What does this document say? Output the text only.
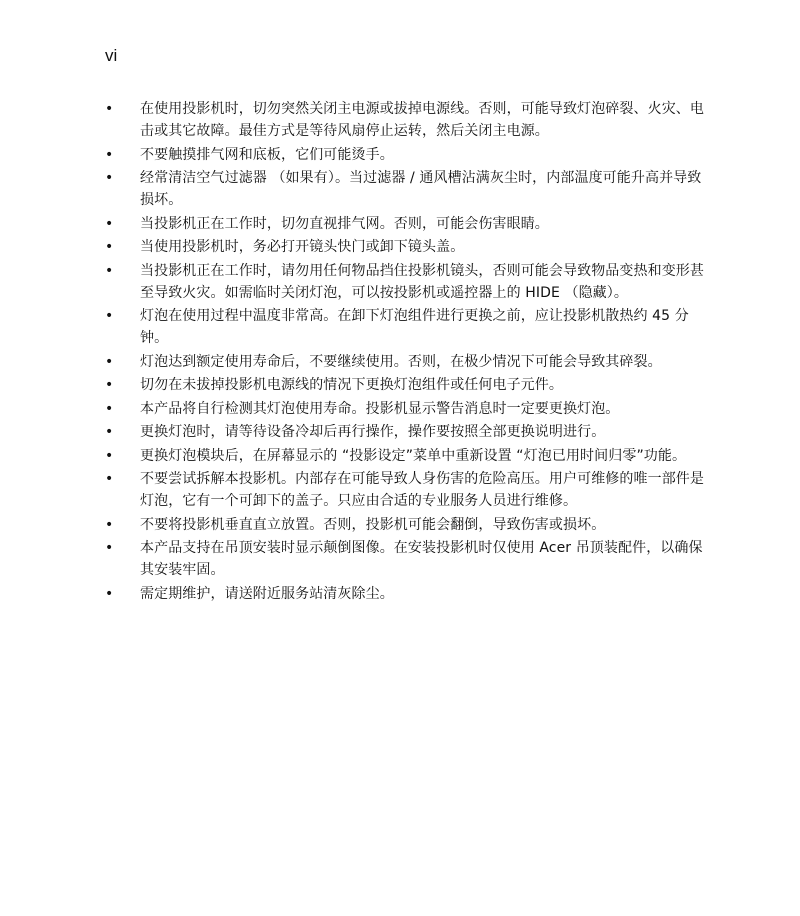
vi
• 在使用投影机时，切勿突然关闭主电源或拔掉电源线。否则，可能导致灯泡碎裂、火灾、电击或其它故障。最佳方式是等待风扇停止运转，然后关闭主电源。
• 不要触摸排气网和底板，它们可能烫手。
• 经常清洁空气过滤器 （如果有）。当过滤器 / 通风槽沾满灰尘时，内部温度可能升高并导致损坏。
• 当投影机正在工作时，切勿直视排气网。否则，可能会伤害眼睛。
• 当使用投影机时，务必打开镜头快门或卸下镜头盖。
• 当投影机正在工作时，请勿用任何物品挡住投影机镜头，否则可能会导致物品变热和变形甚至导致火灾。如需临时关闭灯泡，可以按投影机或遥控器上的 HIDE （隐藏）。
• 灯泡在使用过程中温度非常高。在卸下灯泡组件进行更换之前，应让投影机散热约 45 分钟。
• 灯泡达到额定使用寿命后，不要继续使用。否则，在极少情况下可能会导致其碎裂。
• 切勿在未拔掉投影机电源线的情况下更换灯泡组件或任何电子元件。
• 本产品将自行检测其灯泡使用寿命。投影机显示警告消息时一定要更换灯泡。
• 更换灯泡时，请等待设备冷却后再行操作，操作要按照全部更换说明进行。
• 更换灯泡模块后，在屏幕显示的 “投影设定”菜单中重新设置 “灯泡已用时间归零”功能。
• 不要尝试拆解本投影机。内部存在可能导致人身伤害的危险高压。用户可维修的唯一部件是灯泡，它有一个可卸下的盖子。只应由合适的专业服务人员进行维修。
• 不要将投影机垂直直立放置。否则，投影机可能会翻倒，导致伤害或损坏。
• 本产品支持在吊顶安装时显示颠倒图像。在安装投影机时仅使用 Acer 吊顶装配件，以确保其安装牢固。
• 需定期维护，请送附近服务站清灰除尘。
